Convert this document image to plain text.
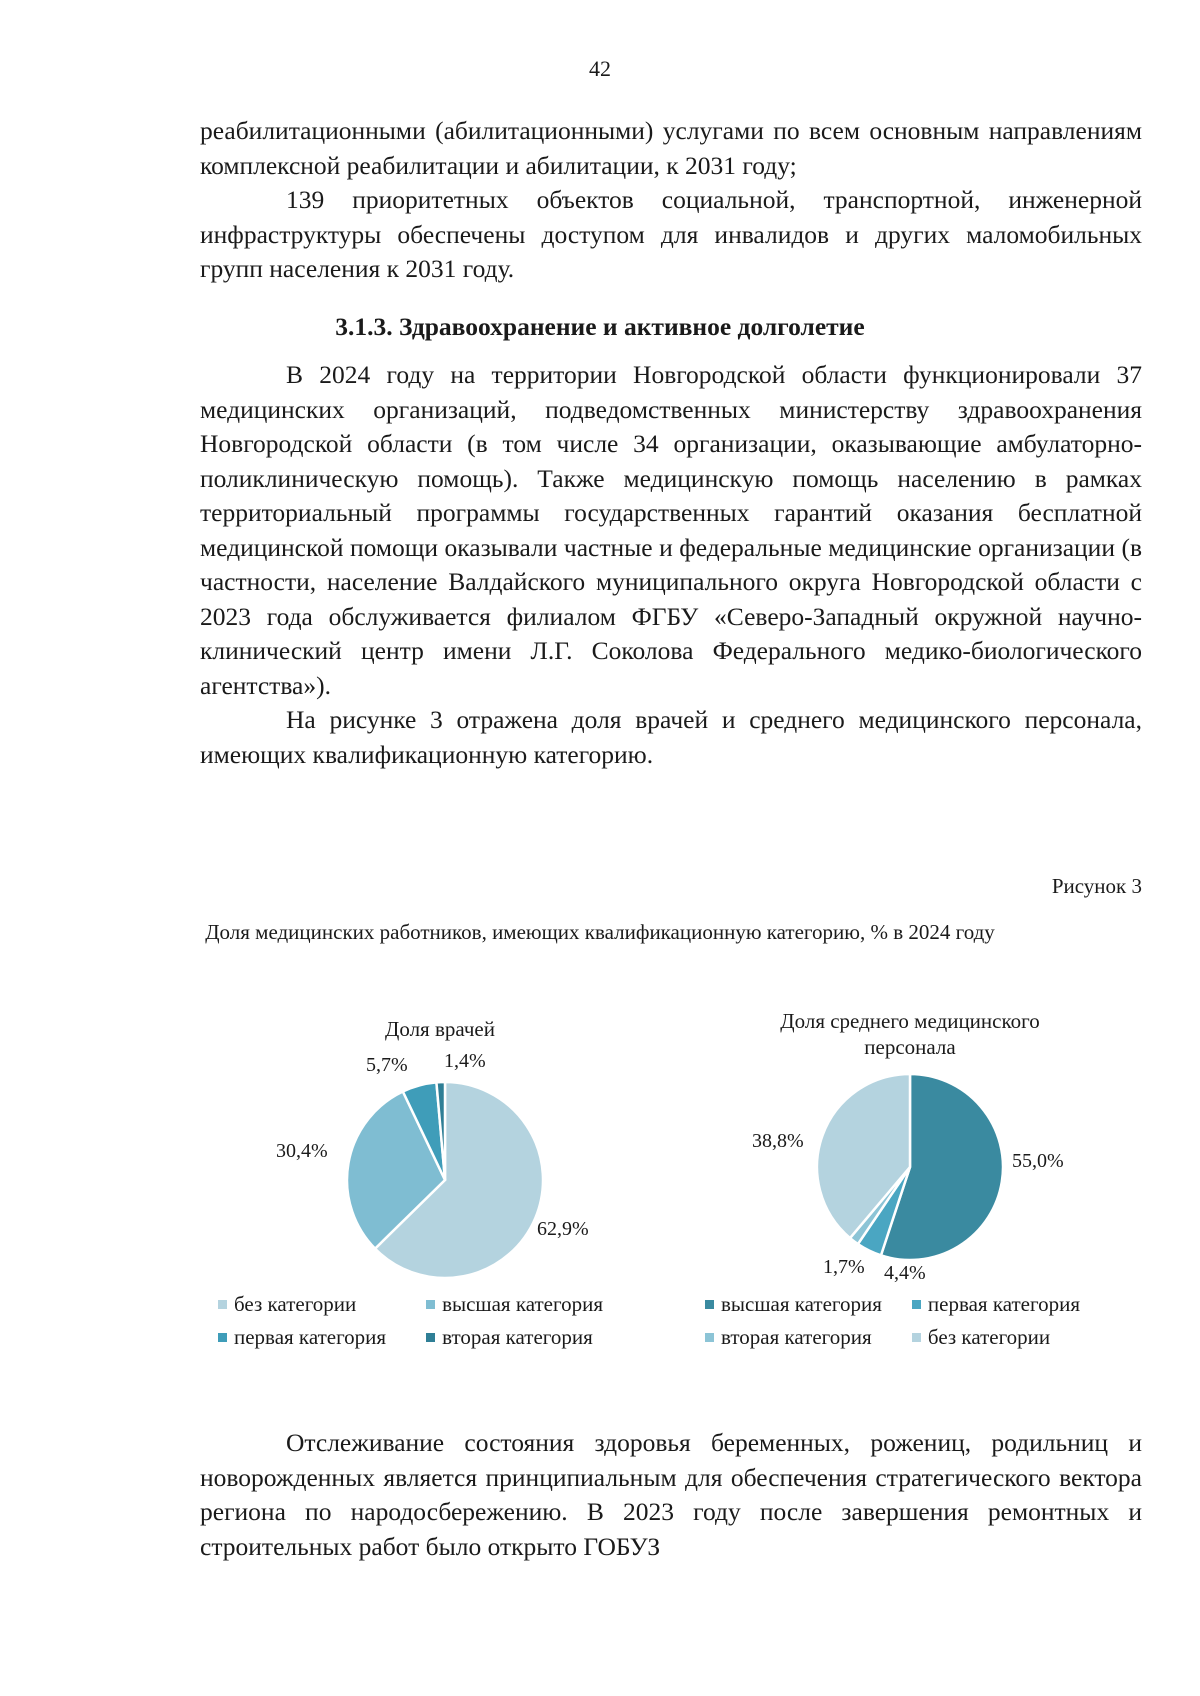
42

реабилитационными (абилитационными) услугами по всем основным направлениям комплексной реабилитации и абилитации, к 2031 году;

139 приоритетных объектов социальной, транспортной, инженерной инфраструктуры обеспечены доступом для инвалидов и других маломобильных групп населения к 2031 году.

3.1.3. Здравоохранение и активное долголетие

В 2024 году на территории Новгородской области функционировали 37 медицинских организаций, подведомственных министерству здравоохранения Новгородской области (в том числе 34 организации, оказывающие амбулаторно-поликлиническую помощь). Также медицинскую помощь населению в рамках территориальный программы государственных гарантий оказания бесплатной медицинской помощи оказывали частные и федеральные медицинские организации (в частности, население Валдайского муниципального округа Новгородской области с 2023 года обслуживается филиалом ФГБУ «Северо-Западный окружной научно-клинический центр имени Л.Г. Соколова Федерального медико-биологического агентства»).

На рисунке 3 отражена доля врачей и среднего медицинского персонала, имеющих квалификационную категорию.

Рисунок 3
Доля медицинских работников, имеющих квалификационную категорию, % в 2024 году
Доля врачей
62,9%
30,4%
5,7% 1,4%
без категории	высшая категория
первая категория	вторая категория
Доля среднего медицинского персонала
55,0%
4,4%
1,7%
38,8%
высшая категория первая категория
вторая категория	без категории

Отслеживание состояния здоровья беременных, рожениц, родильниц и новорожденных является принципиальным для обеспечения стратегического вектора региона по народосбережению. В 2023 году после завершения ремонтных и строительных работ было открыто ГОБУЗ
